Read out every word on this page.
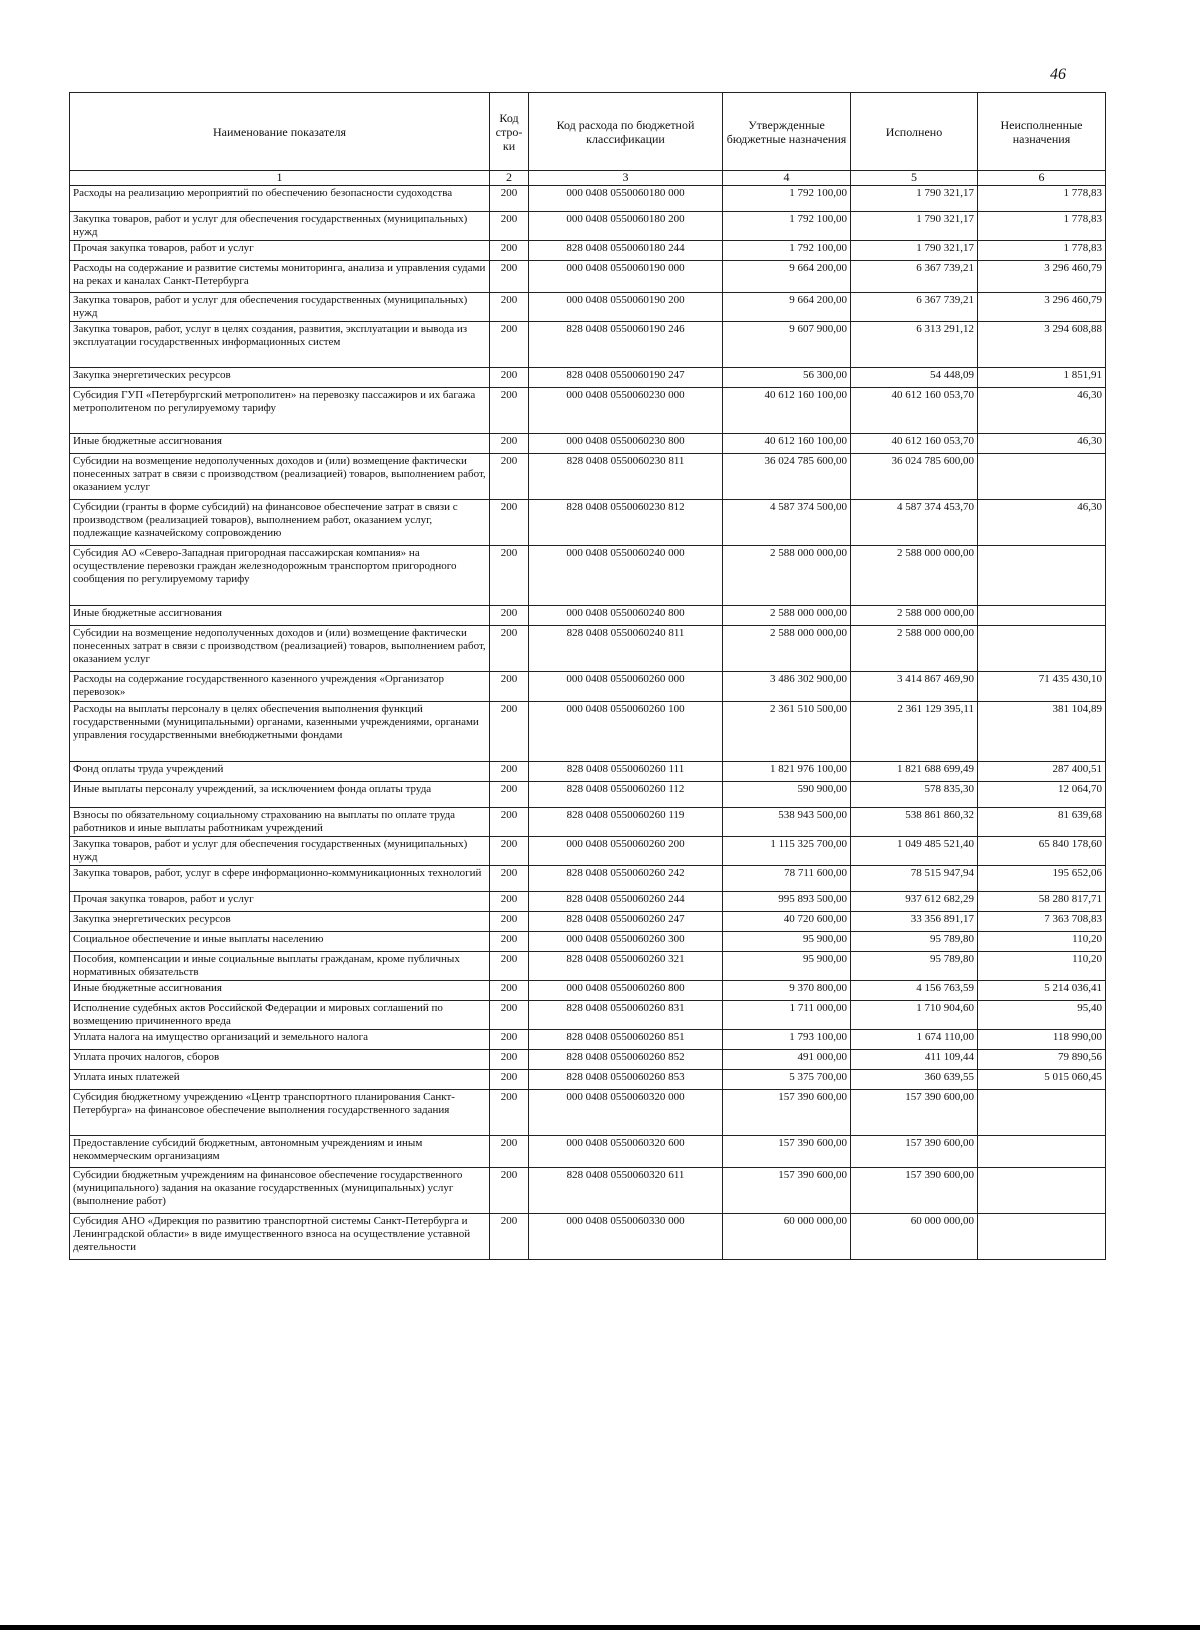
46
Наименование показателя	Код стро-ки	Код расхода по бюджетной классификации	Утвержденные бюджетные назначения	Исполнено	Неисполненные назначения
1	2	3	4	5	6
Расходы на реализацию мероприятий по обеспечению безопасности судоходства	200	000 0408 0550060180 000	1 792 100,00	1 790 321,17	1 778,83
Закупка товаров, работ и услуг для обеспечения государственных (муниципальных) нужд	200	000 0408 0550060180 200	1 792 100,00	1 790 321,17	1 778,83
Прочая закупка товаров, работ и услуг	200	828 0408 0550060180 244	1 792 100,00	1 790 321,17	1 778,83
Расходы на содержание и развитие системы мониторинга, анализа и управления судами на реках и каналах Санкт-Петербурга	200	000 0408 0550060190 000	9 664 200,00	6 367 739,21	3 296 460,79
Закупка товаров, работ и услуг для обеспечения государственных (муниципальных) нужд	200	000 0408 0550060190 200	9 664 200,00	6 367 739,21	3 296 460,79
Закупка товаров, работ, услуг в целях создания, развития, эксплуатации и вывода из эксплуатации государственных информационных систем	200	828 0408 0550060190 246	9 607 900,00	6 313 291,12	3 294 608,88
Закупка энергетических ресурсов	200	828 0408 0550060190 247	56 300,00	54 448,09	1 851,91
Субсидия ГУП «Петербургский метрополитен» на перевозку пассажиров и их багажа метрополитеном по регулируемому тарифу	200	000 0408 0550060230 000	40 612 160 100,00	40 612 160 053,70	46,30
Иные бюджетные ассигнования	200	000 0408 0550060230 800	40 612 160 100,00	40 612 160 053,70	46,30
Субсидии на возмещение недополученных доходов и (или) возмещение фактически понесенных затрат в связи с производством (реализацией) товаров, выполнением работ, оказанием услуг	200	828 0408 0550060230 811	36 024 785 600,00	36 024 785 600,00	
Субсидии (гранты в форме субсидий) на финансовое обеспечение затрат в связи с производством (реализацией товаров), выполнением работ, оказанием услуг, подлежащие казначейскому сопровождению	200	828 0408 0550060230 812	4 587 374 500,00	4 587 374 453,70	46,30
Субсидия АО «Северо-Западная пригородная пассажирская компания» на осуществление перевозки граждан железнодорожным транспортом пригородного сообщения по регулируемому тарифу	200	000 0408 0550060240 000	2 588 000 000,00	2 588 000 000,00	
Иные бюджетные ассигнования	200	000 0408 0550060240 800	2 588 000 000,00	2 588 000 000,00	
Субсидии на возмещение недополученных доходов и (или) возмещение фактически понесенных затрат в связи с производством (реализацией) товаров, выполнением работ, оказанием услуг	200	828 0408 0550060240 811	2 588 000 000,00	2 588 000 000,00	
Расходы на содержание государственного казенного учреждения «Организатор перевозок»	200	000 0408 0550060260 000	3 486 302 900,00	3 414 867 469,90	71 435 430,10
Расходы на выплаты персоналу в целях обеспечения выполнения функций государственными (муниципальными) органами, казенными учреждениями, органами управления государственными внебюджетными фондами	200	000 0408 0550060260 100	2 361 510 500,00	2 361 129 395,11	381 104,89
Фонд оплаты труда учреждений	200	828 0408 0550060260 111	1 821 976 100,00	1 821 688 699,49	287 400,51
Иные выплаты персоналу учреждений, за исключением фонда оплаты труда	200	828 0408 0550060260 112	590 900,00	578 835,30	12 064,70
Взносы по обязательному социальному страхованию на выплаты по оплате труда работников и иные выплаты работникам учреждений	200	828 0408 0550060260 119	538 943 500,00	538 861 860,32	81 639,68
Закупка товаров, работ и услуг для обеспечения государственных (муниципальных) нужд	200	000 0408 0550060260 200	1 115 325 700,00	1 049 485 521,40	65 840 178,60
Закупка товаров, работ, услуг в сфере информационно-коммуникационных технологий	200	828 0408 0550060260 242	78 711 600,00	78 515 947,94	195 652,06
Прочая закупка товаров, работ и услуг	200	828 0408 0550060260 244	995 893 500,00	937 612 682,29	58 280 817,71
Закупка энергетических ресурсов	200	828 0408 0550060260 247	40 720 600,00	33 356 891,17	7 363 708,83
Социальное обеспечение и иные выплаты населению	200	000 0408 0550060260 300	95 900,00	95 789,80	110,20
Пособия, компенсации и иные социальные выплаты гражданам, кроме публичных нормативных обязательств	200	828 0408 0550060260 321	95 900,00	95 789,80	110,20
Иные бюджетные ассигнования	200	000 0408 0550060260 800	9 370 800,00	4 156 763,59	5 214 036,41
Исполнение судебных актов Российской Федерации и мировых соглашений по возмещению причиненного вреда	200	828 0408 0550060260 831	1 711 000,00	1 710 904,60	95,40
Уплата налога на имущество организаций и земельного налога	200	828 0408 0550060260 851	1 793 100,00	1 674 110,00	118 990,00
Уплата прочих налогов, сборов	200	828 0408 0550060260 852	491 000,00	411 109,44	79 890,56
Уплата иных платежей	200	828 0408 0550060260 853	5 375 700,00	360 639,55	5 015 060,45
Субсидия бюджетному учреждению «Центр транспортного планирования Санкт-Петербурга» на финансовое обеспечение выполнения государственного задания	200	000 0408 0550060320 000	157 390 600,00	157 390 600,00	
Предоставление субсидий бюджетным, автономным учреждениям и иным некоммерческим организациям	200	000 0408 0550060320 600	157 390 600,00	157 390 600,00	
Субсидии бюджетным учреждениям на финансовое обеспечение государственного (муниципального) задания на оказание государственных (муниципальных) услуг (выполнение работ)	200	828 0408 0550060320 611	157 390 600,00	157 390 600,00	
Субсидия АНО «Дирекция по развитию транспортной системы Санкт-Петербурга и Ленинградской области» в виде имущественного взноса на осуществление уставной деятельности	200	000 0408 0550060330 000	60 000 000,00	60 000 000,00	
